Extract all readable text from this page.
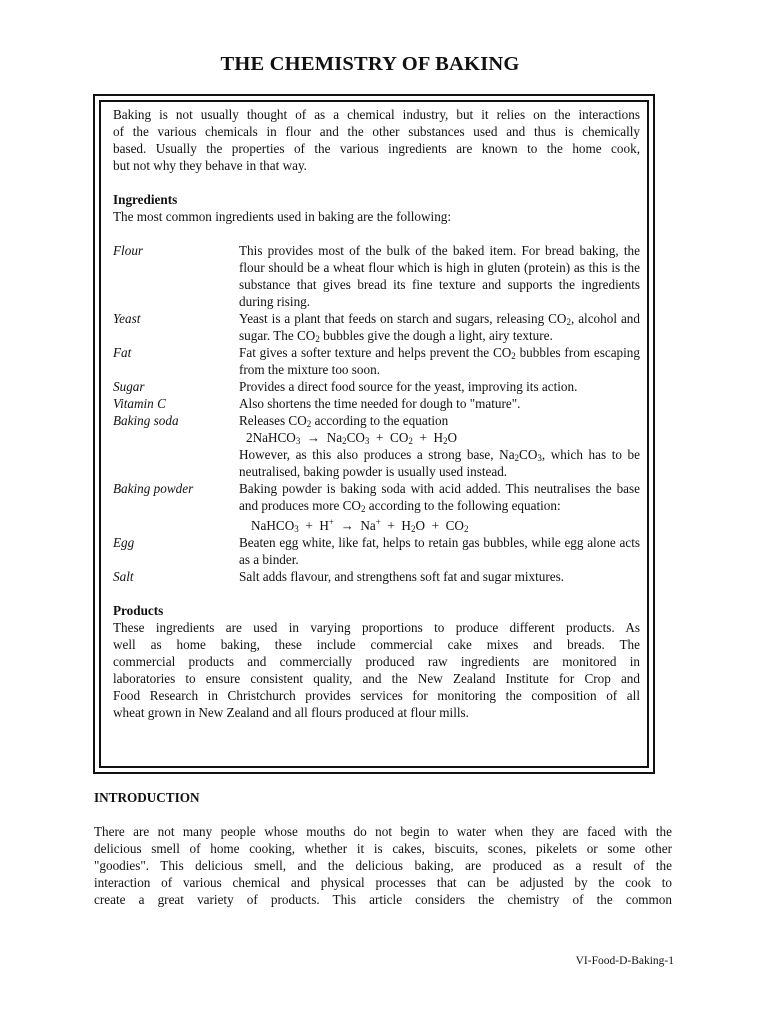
THE CHEMISTRY OF BAKING

Baking is not usually thought of as a chemical industry, but it relies on the interactions

of the various chemicals in flour and the other substances used and thus is chemically

based. Usually the properties of the various ingredients are known to the home cook,

but not why they behave in that way.

Ingredients

The most common ingredients used in baking are the following:

Flour	This provides most of the bulk of the baked item. For bread baking, the flour should be a wheat flour which is high in gluten (protein) as this is the substance that gives bread its fine texture and supports the ingredients during rising.
Yeast	Yeast is a plant that feeds on starch and sugars, releasing $CO_2$, alcohol and sugar. The $CO_2$ bubbles give the dough a light, airy texture.
Fat	Fat gives a softer texture and helps prevent the $CO_2$ bubbles from escaping from the mixture too soon.
Sugar	Provides a direct food source for the yeast, improving its action.
Vitamin C	Also shortens the time needed for dough to "mature".
Baking soda	Releases $CO_2$ according to the equation
2NaHCO$_3$  →  $Na_2CO_3 + CO_2 + H_2O$
However, as this also produces a strong base, $Na_2CO_3$, which has to be neutralised, baking powder is usually used instead.
Baking powder	Baking powder is baking soda with acid added. This neutralises the base and produces more $CO_2$ according to the following equation:
NaHCO$_3$  +  $H^+ \to Na^+ + H_2O + CO_2$
Egg	Beaten egg white, like fat, helps to retain gas bubbles, while egg alone acts as a binder.
Salt	Salt adds flavour, and strengthens soft fat and sugar mixtures.

Products

These ingredients are used in varying proportions to produce different products. As

well as home baking, these include commercial cake mixes and breads. The

commercial products and commercially produced raw ingredients are monitored in

laboratories to ensure consistent quality, and the New Zealand Institute for Crop and

Food Research in Christchurch provides services for monitoring the composition of all

wheat grown in New Zealand and all flours produced at flour mills.

INTRODUCTION

There are not many people whose mouths do not begin to water when they are faced with the

delicious smell of home cooking, whether it is cakes, biscuits, scones, pikelets or some other

"goodies". This delicious smell, and the delicious baking, are produced as a result of the

interaction of various chemical and physical processes that can be adjusted by the cook to

create a great variety of products. This article considers the chemistry of the common

VI-Food-D-Baking-1
